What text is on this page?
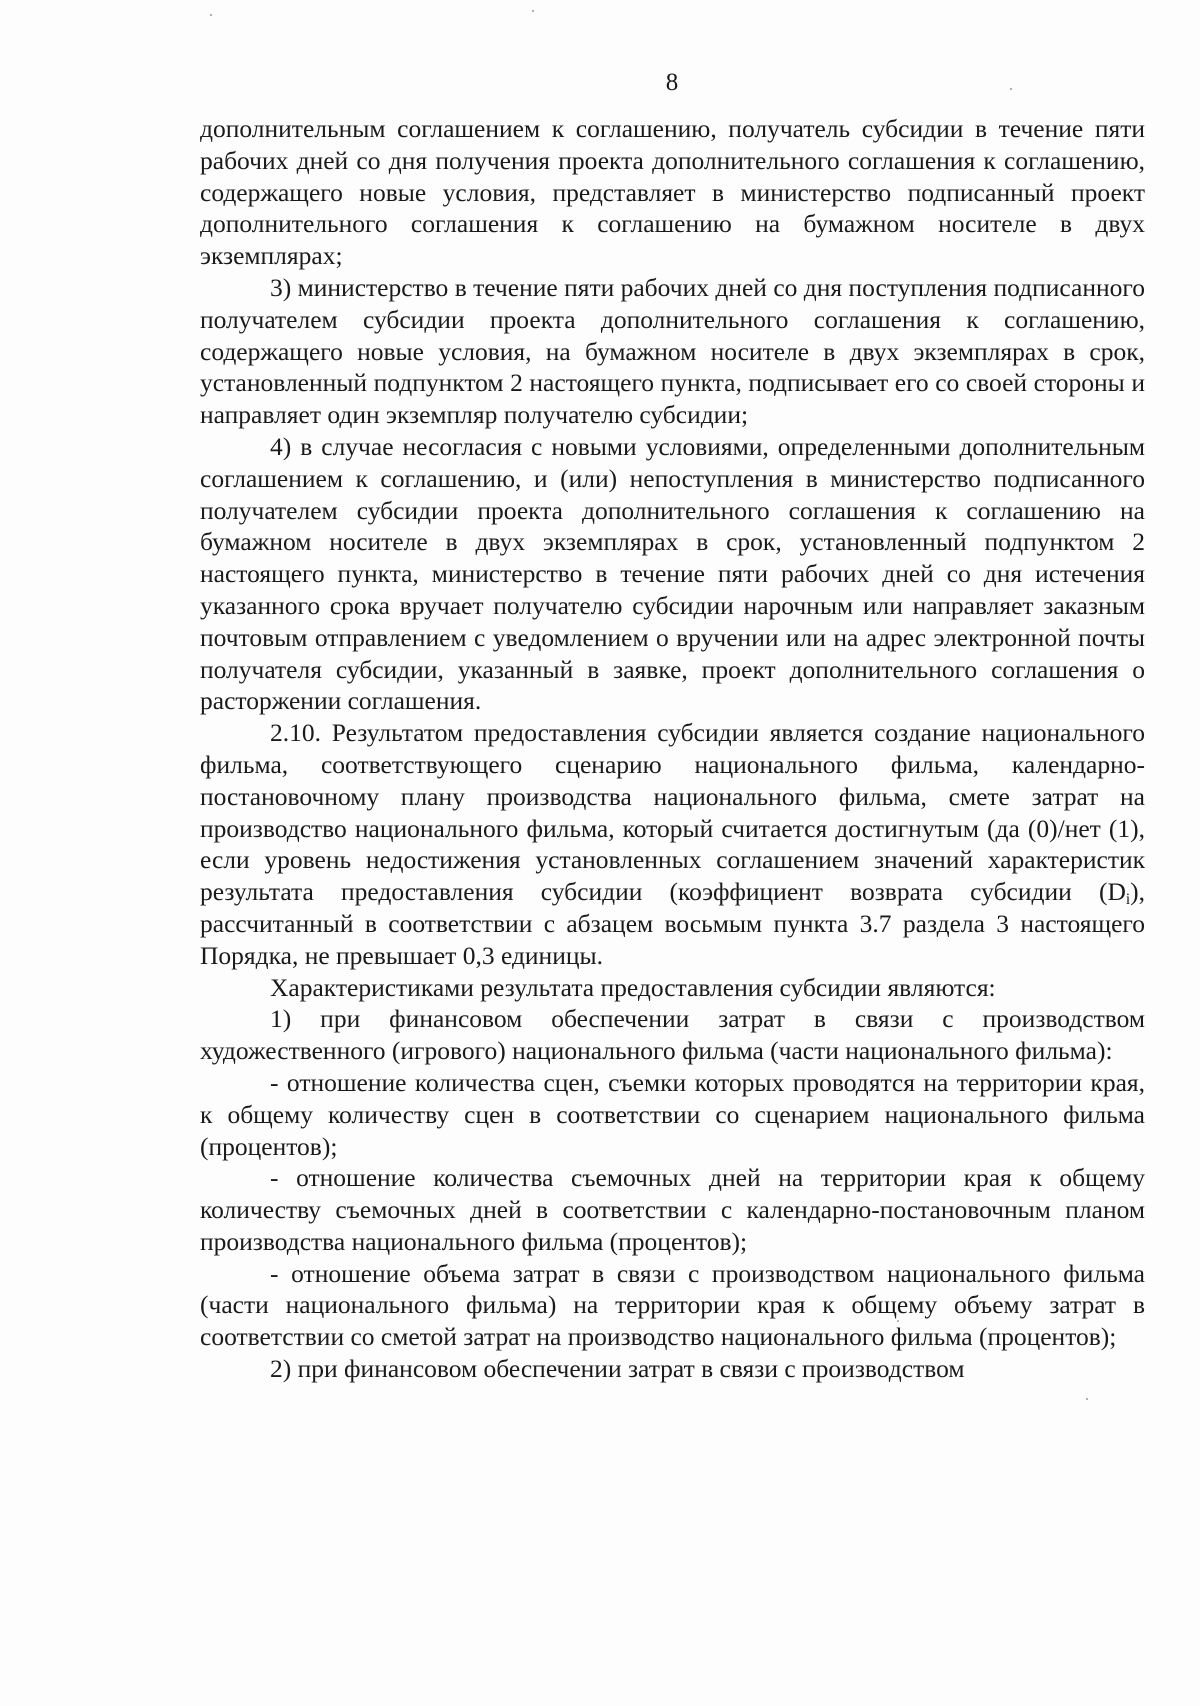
8

дополнительным соглашением к соглашению, получатель субсидии в течение пяти рабочих дней со дня получения проекта дополнительного соглашения к соглашению, содержащего новые условия, представляет в министерство подписанный проект дополнительного соглашения к соглашению на бумажном носителе в двух экземплярах;

3) министерство в течение пяти рабочих дней со дня поступления подписанного получателем субсидии проекта дополнительного соглашения к соглашению, содержащего новые условия, на бумажном носителе в двух экземплярах в срок, установленный подпунктом 2 настоящего пункта, подписывает его со своей стороны и направляет один экземпляр получателю субсидии;

4) в случае несогласия с новыми условиями, определенными дополнительным соглашением к соглашению, и (или) непоступления в министерство подписанного получателем субсидии проекта дополнительного соглашения к соглашению на бумажном носителе в двух экземплярах в срок, установленный подпунктом 2 настоящего пункта, министерство в течение пяти рабочих дней со дня истечения указанного срока вручает получателю субсидии нарочным или направляет заказным почтовым отправлением с уведомлением о вручении или на адрес электронной почты получателя субсидии, указанный в заявке, проект дополнительного соглашения о расторжении соглашения.

2.10. Результатом предоставления субсидии является создание национального фильма, соответствующего сценарию национального фильма, календарно-постановочному плану производства национального фильма, смете затрат на производство национального фильма, который считается достигнутым (да (0)/нет (1), если уровень недостижения установленных соглашением значений характеристик результата предоставления субсидии (коэффициент возврата субсидии $(D_i)$, рассчитанный в соответствии с абзацем восьмым пункта 3.7 раздела 3 настоящего Порядка, не превышает 0,3 единицы.

Характеристиками результата предоставления субсидии являются:

1) при финансовом обеспечении затрат в связи с производством художественного (игрового) национального фильма (части национального фильма):

- отношение количества сцен, съемки которых проводятся на территории края, к общему количеству сцен в соответствии со сценарием национального фильма (процентов);

- отношение количества съемочных дней на территории края к общему количеству съемочных дней в соответствии с календарно-постановочным планом производства национального фильма (процентов);

- отношение объема затрат в связи с производством национального фильма (части национального фильма) на территории края к общему объему затрат в соответствии со сметой затрат на производство национального фильма (процентов);

2) при финансовом обеспечении затрат в связи с производством
